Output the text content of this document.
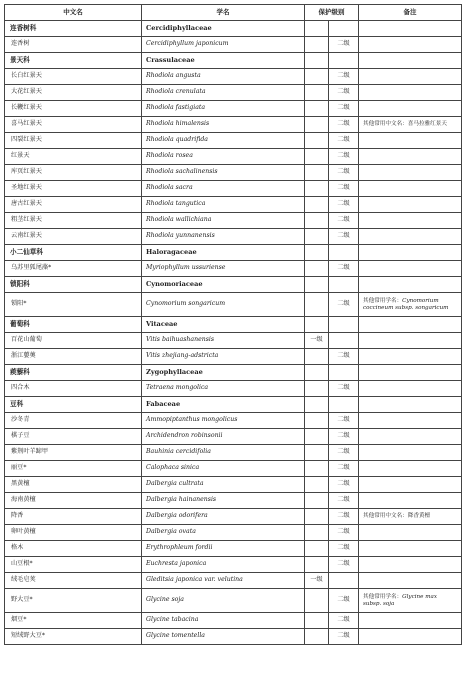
中文名	学名	保护级别		备注
连香树科	Cercidiphyllaceae			
连香树	Cercidiphyllum japonicum		二级	
景天科	Crassulaceae			
长白红景天	Rhodiola angusta		二级	
大花红景天	Rhodiola crenulata		二级	
长鞭红景天	Rhodiola fastigiata		二级	
喜马红景天	Rhodiola himalensis		二级	其他常用中文名：喜马拉雅红景天
四裂红景天	Rhodiola quadrifida		二级	
红景天	Rhodiola rosea		二级	
库页红景天	Rhodiola sachalinensis		二级	
圣地红景天	Rhodiola sacra		二级	
唐古红景天	Rhodiola tangutica		二级	
粗茎红景天	Rhodiola wallichiana		二级	
云南红景天	Rhodiola yunnanensis		二级	
小二仙草科	Haloragaceae			
乌苏里狐尾藻*	Myriophyllum ussuriense		二级	
锁阳科	Cynomoriaceae			
锁阳*	Cynomorium songaricum		二级	其他常用学名：Cynomorium coccineum subsp. songaricum
葡萄科	Vitaceae			
百花山葡萄	Vitis baihuashanensis	一级		
浙江蘡薁	Vitis zhejiang-adstricta		二级	
蒺藜科	Zygophyllaceae			
四合木	Tetraena mongolica		二级	
豆科	Fabaceae			
沙冬青	Ammopiptanthus mongolicus		二级	
棋子豆	Archidendron robinsonii		二级	
紫荆叶羊蹄甲	Bauhinia cercidifolia		二级	
丽豆*	Calophaca sinica		二级	
黑黄檀	Dalbergia cultrata		二级	
海南黄檀	Dalbergia hainanensis		二级	
降香	Dalbergia odorifera		二级	其他常用中文名：降香黄檀
卵叶黄檀	Dalbergia ovata		二级	
格木	Erythrophleum fordii		二级	
山豆根*	Euchresta japonica		二级	
绒毛皂荚	Gleditsia japonica var. velutina	一级		
野大豆*	Glycine soja		二级	其他常用学名：Glycine max subsp. soja
烟豆*	Glycine tabacina		二级	
短绒野大豆*	Glycine tomentella		二级	
